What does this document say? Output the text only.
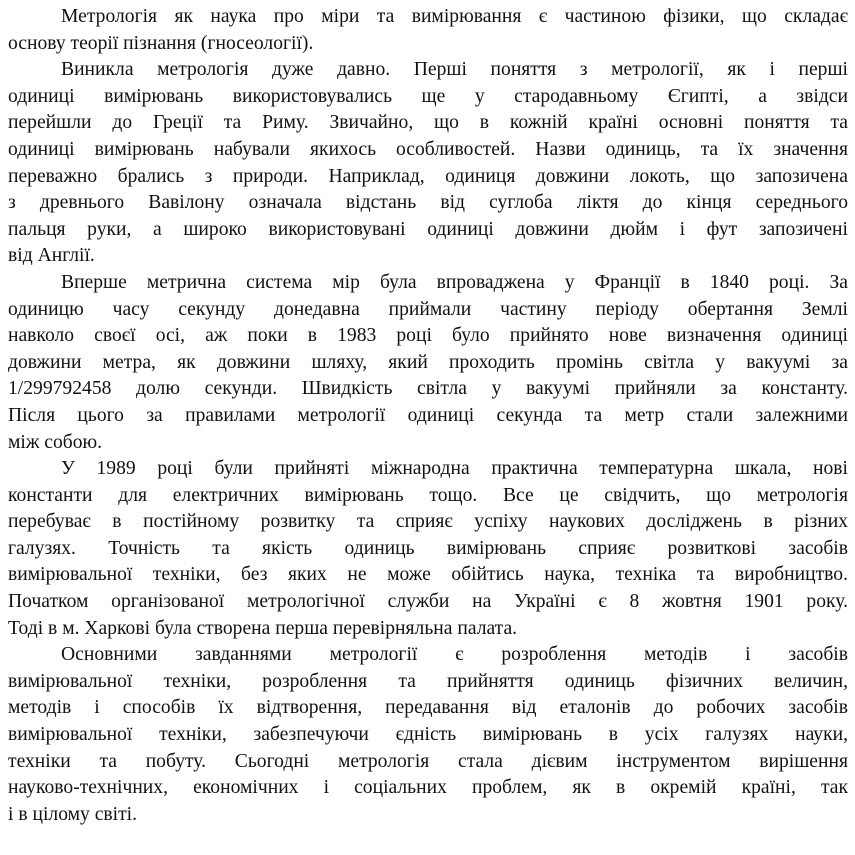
Метрологія як наука про міри та вимірювання є частиною фізики, що складає
основу теорії пізнання (гносеології).
Виникла метрологія дуже давно. Перші поняття з метрології, як і перші
одиниці вимірювань використовувались ще у стародавньому Єгипті, а звідси
перейшли до Греції та Риму. Звичайно, що в кожній країні основні поняття та
одиниці вимірювань набували якихось особливостей. Назви одиниць, та їх значення
переважно брались з природи. Наприклад, одиниця довжини локоть, що запозичена
з древнього Вавілону означала відстань від суглоба ліктя до кінця середнього
пальця руки, а широко використовувані одиниці довжини дюйм і фут запозичені
від Англії.
Вперше метрична система мір була впроваджена у Франції в 1840 році. За
одиницю часу секунду донедавна приймали частину періоду обертання Землі
навколо своєї осі, аж поки в 1983 році було прийнято нове визначення одиниці
довжини метра, як довжини шляху, який проходить промінь світла у вакуумі за
1/299792458 долю секунди. Швидкість світла у вакуумі прийняли за константу.
Після цього за правилами метрології одиниці секунда та метр стали залежними
між собою.
У 1989 році були прийняті міжнародна практична температурна шкала, нові
константи для електричних вимірювань тощо. Все це свідчить, що метрологія
перебуває в постійному розвитку та сприяє успіху наукових досліджень в різних
галузях. Точність та якість одиниць вимірювань сприяє розвиткові засобів
вимірювальної техніки, без яких не може обійтись наука, техніка та виробництво.
Початком організованої метрологічної служби на Україні є 8 жовтня 1901 року.
Тоді в м. Харкові була створена перша перевірняльна палата.
Основними завданнями метрології є розроблення методів і засобів
вимірювальної техніки, розроблення та прийняття одиниць фізичних величин,
методів і способів їх відтворення, передавання від еталонів до робочих засобів
вимірювальної техніки, забезпечуючи єдність вимірювань в усіх галузях науки,
техніки та побуту. Сьогодні метрологія стала дієвим інструментом вирішення
науково-технічних, економічних і соціальних проблем, як в окремій країні, так
і в цілому світі.
